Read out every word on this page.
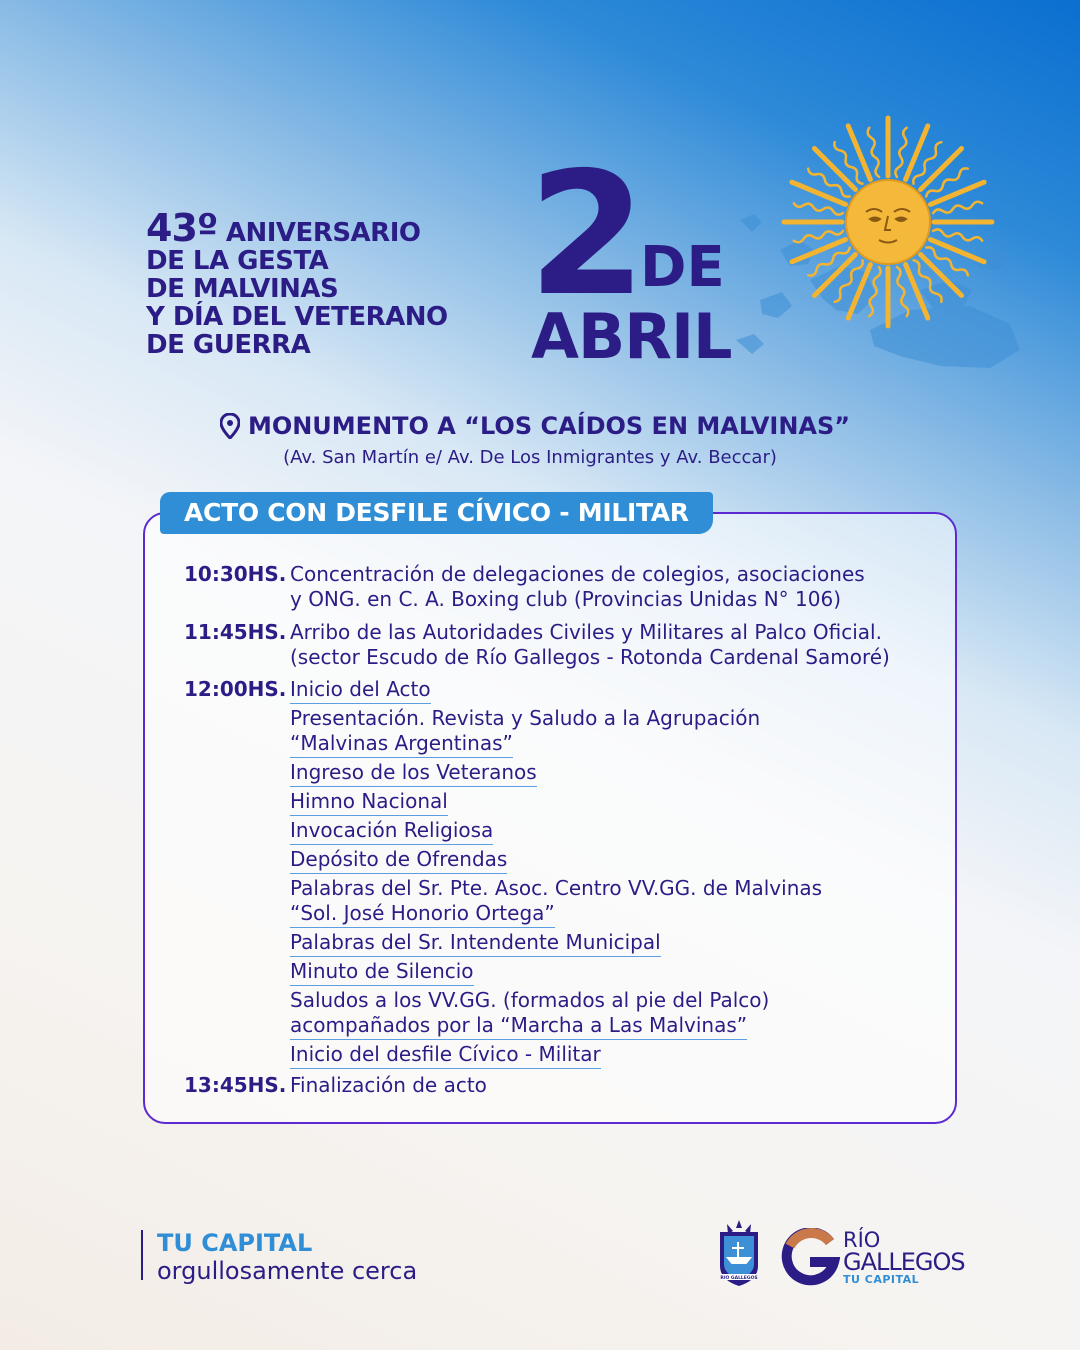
43º ANIVERSARIO
DE LA GESTA
DE MALVINAS
Y DÍA DEL VETERANO
DE GUERRA
2 DE
ABRIL
MONUMENTO A “LOS CAÍDOS EN MALVINAS”
(Av. San Martín e/ Av. De Los Inmigrantes y Av. Beccar)
ACTO CON DESFILE CÍVICO - MILITAR
10:30HS. Concentración de delegaciones de colegios, asociaciones
y ONG. en C. A. Boxing club (Provincias Unidas N° 106)
11:45HS. Arribo de las Autoridades Civiles y Militares al Palco Oficial.
(sector Escudo de Río Gallegos - Rotonda Cardenal Samoré)
12:00HS. Inicio del Acto
Presentación. Revista y Saludo a la Agrupación
“Malvinas Argentinas”
Ingreso de los Veteranos
Himno Nacional
Invocación Religiosa
Depósito de Ofrendas
Palabras del Sr. Pte. Asoc. Centro VV.GG. de Malvinas
“Sol. José Honorio Ortega”
Palabras del Sr. Intendente Municipal
Minuto de Silencio
Saludos a los VV.GG. (formados al pie del Palco)
acompañados por la “Marcha a Las Malvinas”
Inicio del desfile Cívico - Militar
13:45HS. Finalización de acto
TU CAPITAL
orgullosamente cerca	RIO GALLEGOS
RÍO
GALLEGOS
TU CAPITAL
